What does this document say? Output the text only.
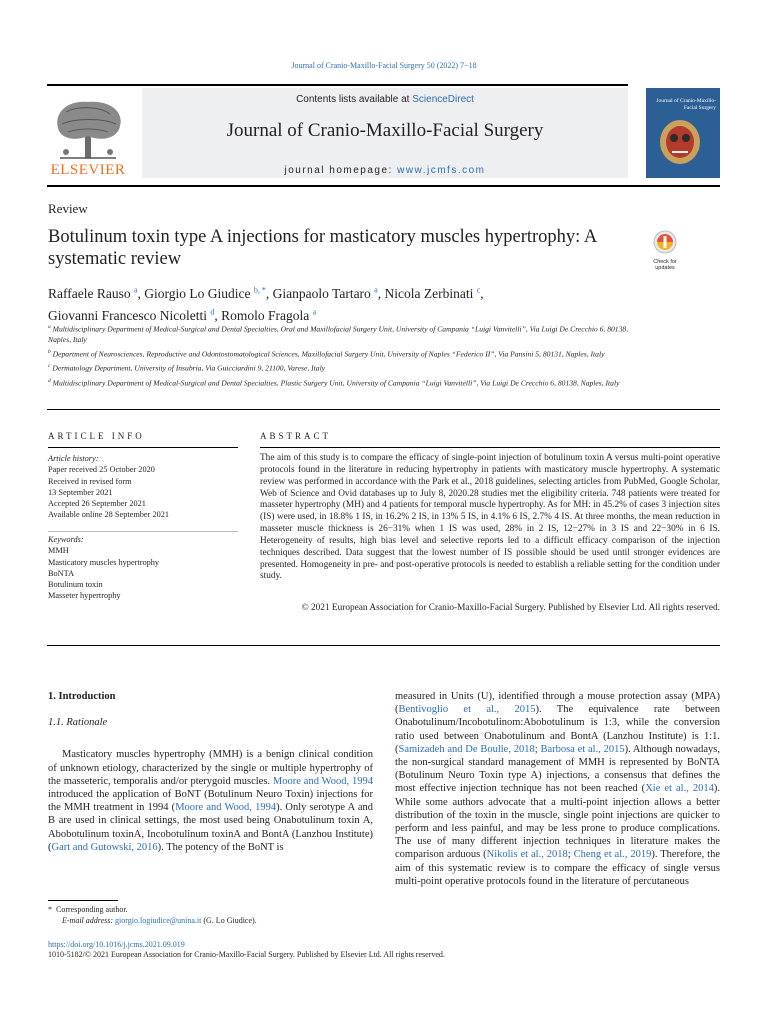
Journal of Cranio-Maxillo-Facial Surgery 50 (2022) 7−18
ELSEVIER
Contents lists available at ScienceDirect
Journal of Cranio-Maxillo-Facial Surgery
journal homepage: www.jcmfs.com
Journal of Cranio-Maxillo-Facial Surgery
Review
Botulinum toxin type A injections for masticatory muscles hypertrophy: A systematic review	Check for updates
Raffaele Rauso $^a$, Giorgio Lo Giudice $^{b, *}$, Gianpaolo Tartaro $^a$, Nicola Zerbinati $^c$,
Giovanni Francesco Nicoletti $^d$, Romolo Fragola $^a$

$^a$ Multidisciplinary Department of Medical-Surgical and Dental Specialties, Oral and Maxillofacial Surgery Unit, University of Campania “Luigi Vanvitelli”, Via Luigi De Crecchio 6, 80138, Naples, Italy

$^b$ Department of Neurosciences, Reproductive and Odontostomatological Sciences, Maxillofacial Surgery Unit, University of Naples “Federico II”, Via Pansini 5, 80131, Naples, Italy

$^c$ Dermatology Department, University of Insubria, Via Guicciardini 9, 21100, Varese, Italy

$^d$ Multidisciplinary Department of Medical-Surgical and Dental Specialties, Plastic Surgery Unit, University of Campania “Luigi Vanvitelli”, Via Luigi De Crecchio 6, 80138, Naples, Italy

ARTICLE INFO	ABSTRACT
Article history:
Paper received 25 October 2020
Received in revised form
13 September 2021
Accepted 26 September 2021
Available online 28 September 2021
Keywords:
MMH
Masticatory muscles hypertrophy
BoNTA
Botulinum toxin
Masseter hypertrophy
The aim of this study is to compare the efficacy of single-point injection of botulinum toxin A versus multi-point operative protocols found in the literature in reducing hypertrophy in patients with masticatory muscle hypertrophy. A systematic review was performed in accordance with the Park et al., 2018 guidelines, selecting articles from PubMed, Google Scholar, Web of Science and Ovid databases up to July 8, 2020.28 studies met the eligibility criteria. 748 patients were treated for masseter hypertrophy (MH) and 4 patients for temporal muscle hypertrophy. As for MH: in 45.2% of cases 3 injection sites (IS) were used, in 18.8% 1 IS, in 16.2% 2 IS, in 13% 5 IS, in 4.1% 6 IS, 2.7% 4 IS. At three months, the mean reduction in masseter muscle thickness is 26−31% when 1 IS was used, 28% in 2 IS, 12−27% in 3 IS and 22−30% in 6 IS. Heterogeneity of results, high bias level and selective reports led to a difficult efficacy comparison of the injection techniques described. Data suggest that the lowest number of IS possible should be used until stronger evidences are presented. Homogeneity in pre- and post-operative protocols is needed to establish a reliable setting for the condition under study.
© 2021 European Association for Cranio-Maxillo-Facial Surgery. Published by Elsevier Ltd. All rights reserved.
1. Introduction
1.1. Rationale
Masticatory muscles hypertrophy (MMH) is a benign clinical condition of unknown etiology, characterized by the single or multiple hypertrophy of the masseteric, temporalis and/or pterygoid muscles. Moore and Wood, 1994 introduced the application of BoNT (Botulinum Neuro Toxin) injections for the MMH treatment in 1994 (Moore and Wood, 1994). Only serotype A and B are used in clinical settings, the most used being Onabotulinum toxin A, Abobotulinum toxinA, Incobotulinum toxinA and BontA (Lanzhou Institute) (Gart and Gutowski, 2016). The potency of the BoNT is
measured in Units (U), identified through a mouse protection assay (MPA) (Bentivoglio et al., 2015). The equivalence rate between Onabotulinum/Incobotulinom:Abobotulinum is 1:3, while the conversion ratio used between Onabotulinum and BontA (Lanzhou Institute) is 1:1. (Samizadeh and De Boulle, 2018; Barbosa et al., 2015). Although nowadays, the non-surgical standard management of MMH is represented by BoNTA (Botulinum Neuro Toxin type A) injections, a consensus that defines the most effective injection technique has not been reached (Xie et al., 2014). While some authors advocate that a multi-point injection allows a better distribution of the toxin in the muscle, single point injections are quicker to perform and less painful, and may be less prone to produce complications. The use of many different injection techniques in literature makes the comparison arduous (Nikolis et al., 2018; Cheng et al., 2019). Therefore, the aim of this systematic review is to compare the efficacy of single versus multi-point operative protocols found in the literature of percutaneous
* Corresponding author.
E-mail address: giorgio.logiudice@unina.it (G. Lo Giudice).
https://doi.org/10.1016/j.jcms.2021.09.019
1010-5182/© 2021 European Association for Cranio-Maxillo-Facial Surgery. Published by Elsevier Ltd. All rights reserved.
